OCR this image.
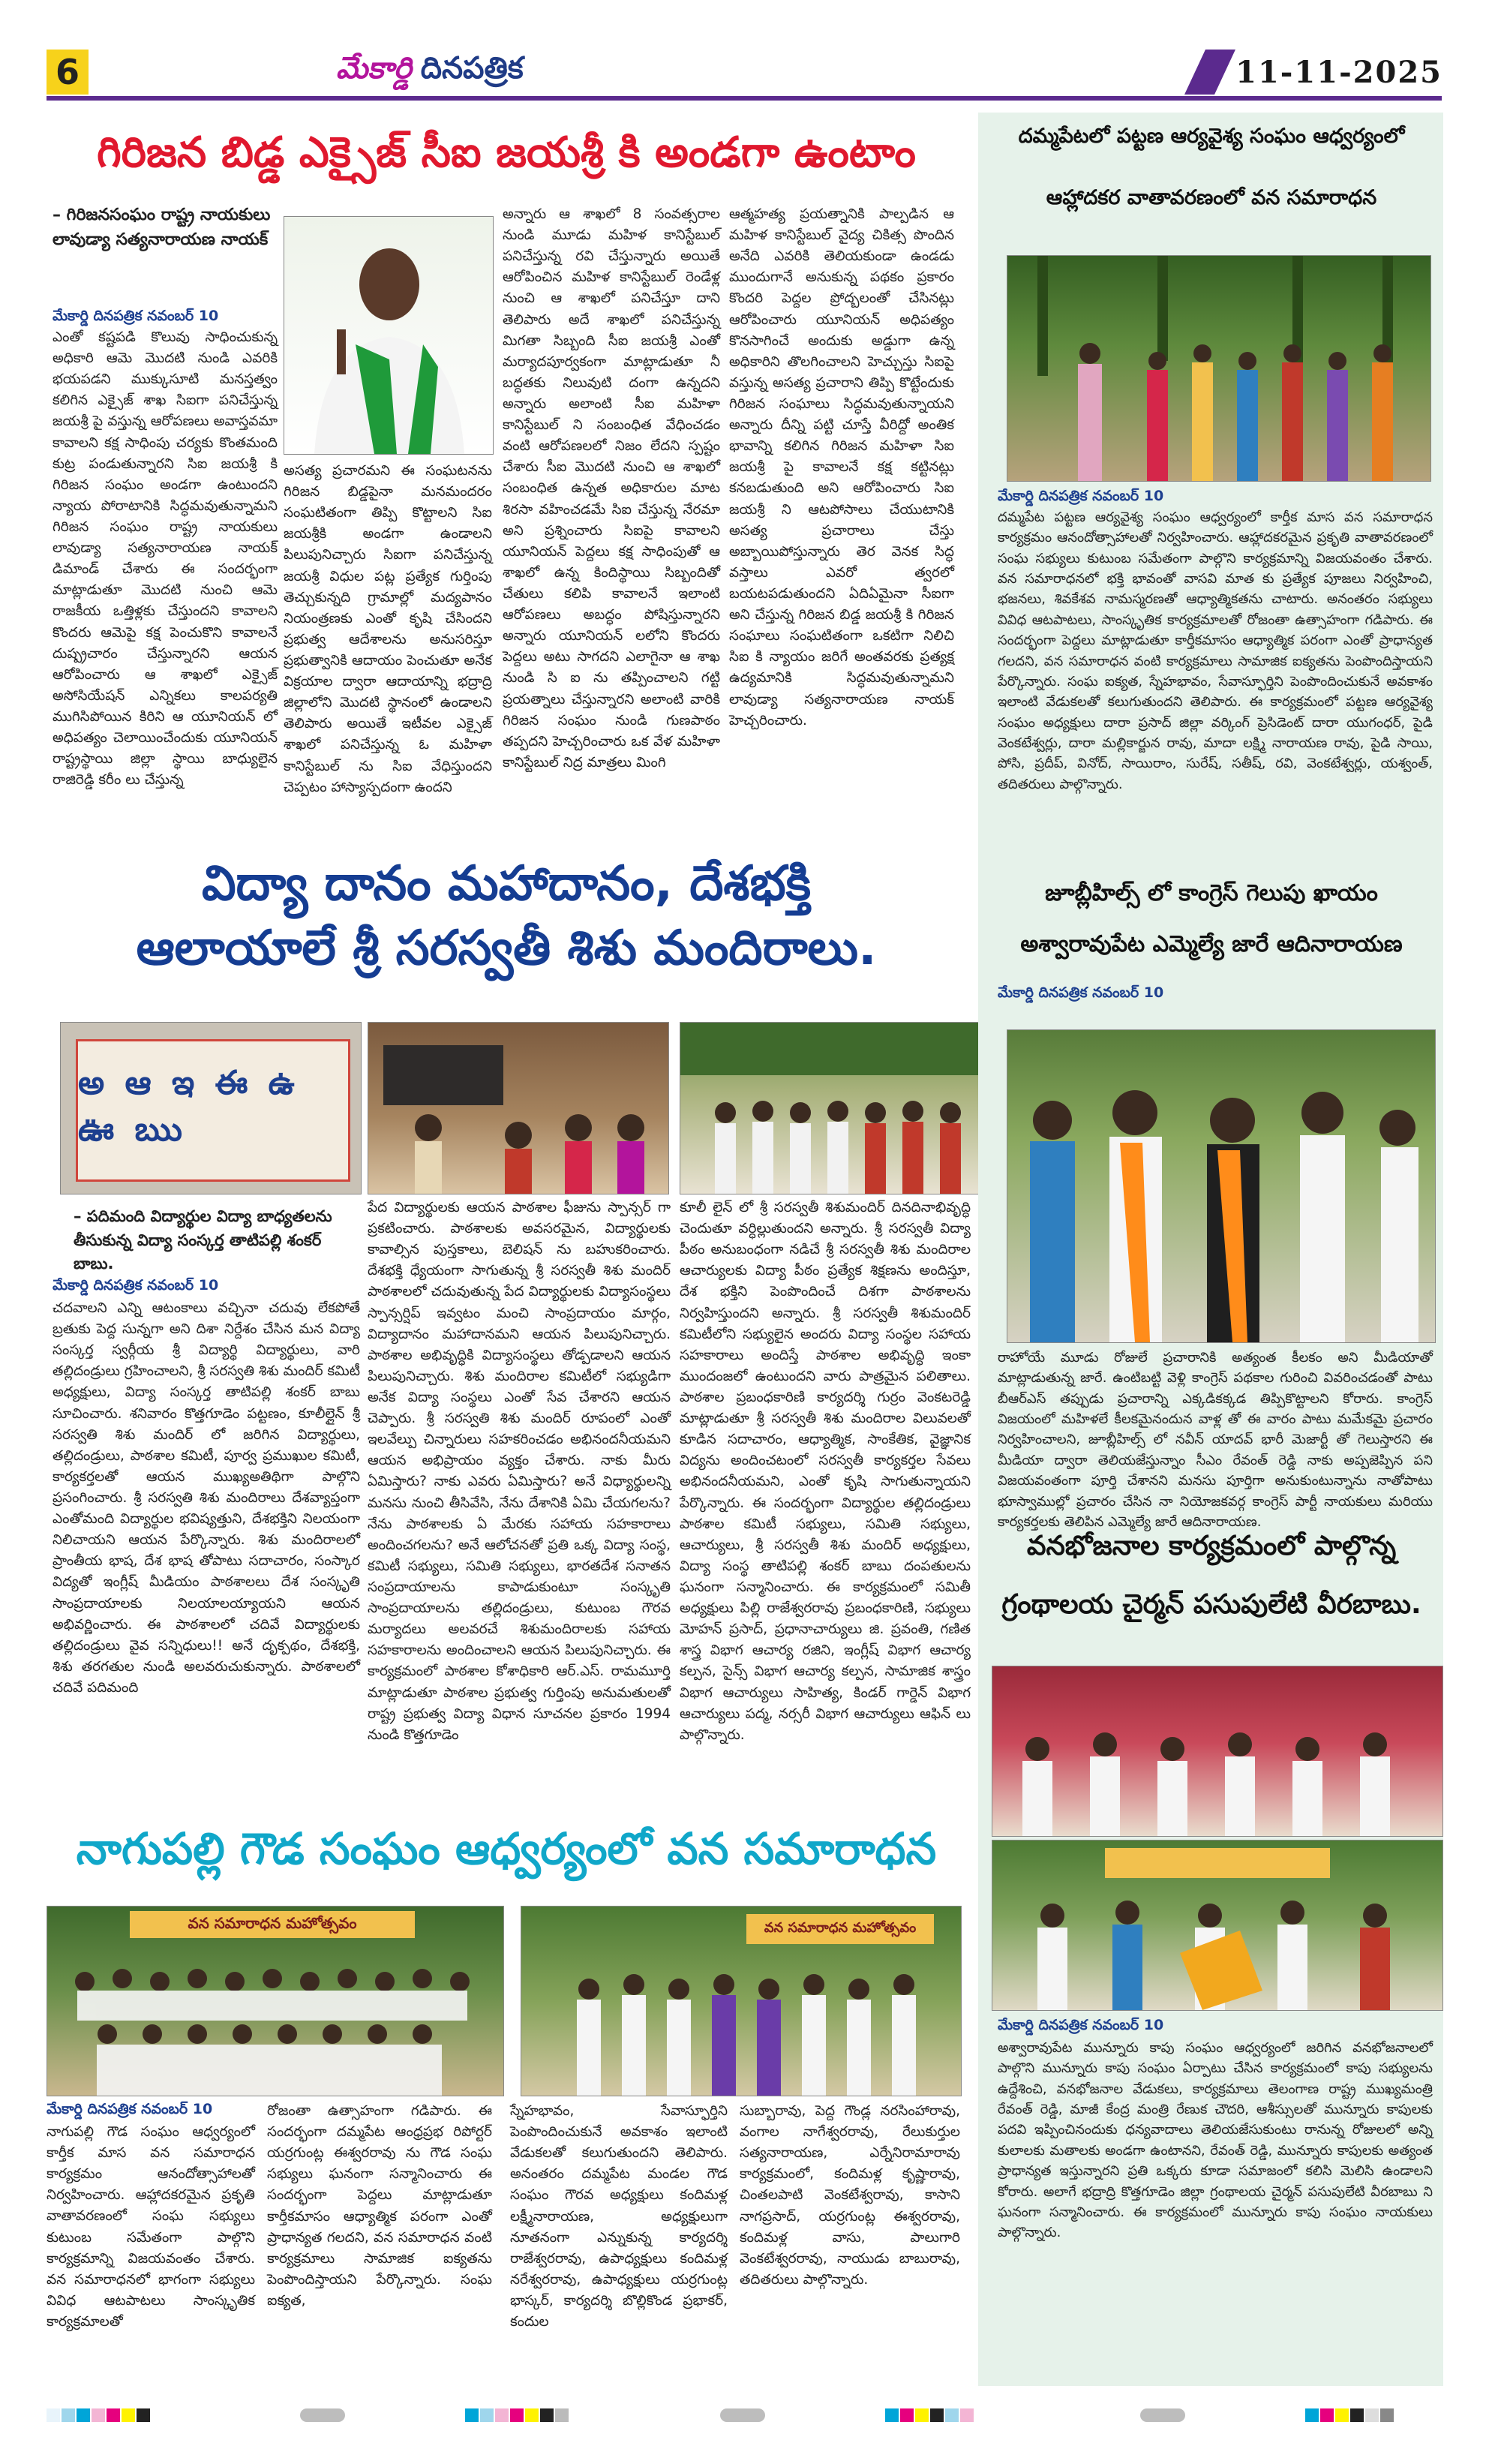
6	మేకార్డి దినపత్రిక	11-11-2025
గిరిజన బిడ్డ ఎక్సైజ్ సీఐ జయశ్రీ కి అండగా ఉంటాం
– గిరిజనసంఘం రాష్ట్ర నాయకులు లావుడ్యా సత్యనారాయణ నాయక్
మేకార్డి దినపత్రిక నవంబర్ 10
ఎంతో కష్టపడి కొలువు సాధించుకున్న అధికారి ఆమె మొదటి నుండి ఎవరికి భయపడని ముక్కుసూటి మనస్తత్వం కలిగిన ఎక్సైజ్ శాఖ సిఐగా పనిచేస్తున్న జయశ్రీ పై వస్తున్న ఆరోపణలు అవాస్తవమా కావాలని కక్ష సాధింపు చర్యకు కొంతమంది కుట్ర పండుతున్నారని సిఐ జయశ్రీ కి గిరిజన సంఘం అండగా ఉంటుందని న్యాయ పోరాటానికి సిద్ధమవుతున్నామని గిరిజన సంఘం రాష్ట్ర నాయకులు లావుడ్యా సత్యనారాయణ నాయక్ డిమాండ్ చేశారు ఈ సందర్భంగా మాట్లాడుతూ మొదటి నుంచి ఆమె రాజకీయ ఒత్తిళ్లకు చేస్తుందని కావాలని కొందరు ఆమెపై కక్ష పెంచుకొని కావాలనే దుష్ప్రచారం చేస్తున్నారని ఆయన ఆరోపించారు ఆ శాఖలో ఎక్సైజ్ అసోసియేషన్ ఎన్నికలు కాలపర్యతి ముగిసిపోయిన కిరిని ఆ యూనియన్ లో అధిపత్యం చెలాయించేందుకు యూనియన్ రాష్ట్రస్థాయి జిల్లా స్థాయి బాధ్యులైన రాజిరెడ్డి కరీం లు చేస్తున్న
అసత్య ప్రచారమని ఈ సంఘటనను గిరిజన బిడ్డపైనా మనమందరం సంఘటితంగా తిప్పి కొట్టాలని సిఐ జయశ్రీకి అండగా ఉండాలని పిలుపునిచ్చారు సిఐగా పనిచేస్తున్న జయశ్రీ విధుల పట్ల ప్రత్యేక గుర్తింపు తెచ్చుకున్నది గ్రామాల్లో మద్యపానం నియంత్రణకు ఎంతో కృషి చేసిందని ప్రభుత్వ ఆదేశాలను అనుసరిస్తూ ప్రభుత్వానికి ఆదాయం పెంచుతూ అనేక విక్రయాల ద్వారా ఆదాయాన్ని భద్రాద్రి జిల్లాలోని మొదటి స్థానంలో ఉండాలని తెలిపారు అయితే ఇటీవల ఎక్సైజ్ శాఖలో పనిచేస్తున్న ఓ మహిళా కానిస్టేబుల్ ను సిఐ వేధిస్తుందని చెప్పటం హాస్యాస్పదంగా ఉందని
అన్నారు ఆ శాఖలో 8 సంవత్సరాల నుండి మూడు మహిళ కానిస్టేబుల్ పనిచేస్తున్న రవి చేస్తున్నారు అయితే ఆరోపించిన మహిళ కానిస్టేబుల్ రెండేళ్ల నుంచి ఆ శాఖలో పనిచేస్తూ దాని తెలిపారు అదే శాఖలో పనిచేస్తున్న మిగతా సిబ్బంది సీఐ జయశ్రీ ఎంతో మర్యాదపూర్వకంగా మాట్లాడుతూ నీ బద్ధతకు నిలువుటి దంగా ఉన్నదని అన్నారు అలాంటి సీఐ మహిళా కానిస్టేబుల్ ని సంబంధిత వేధించడం వంటి ఆరోపణలలో నిజం లేదని స్పష్టం చేశారు సీఐ మొదటి నుంచి ఆ శాఖలో సంబంధిత ఉన్నత అధికారుల మాట శిరసా వహించడమే సిఐ చేస్తున్న నేరమా అని ప్రశ్నించారు సిఐపై కావాలని యూనియన్ పెద్దలు కక్ష సాధింపుతో ఆ శాఖలో ఉన్న కిందిస్థాయి సిబ్బందితో చేతులు కలిపి కావాలనే ఇలాంటి ఆరోపణలు అబద్ధం పోషిస్తున్నారని అన్నారు యూనియన్ లలోని కొందరు పెద్దలు అటు సాగదని ఎలాగైనా ఆ శాఖ నుండి సి ఐ ను తప్పించాలని గట్టి ప్రయత్నాలు చేస్తున్నారని అలాంటి వారికి గిరిజన సంఘం నుండి గుణపాఠం తప్పదని హెచ్చరించారు ఒక వేళ మహిళా కానిస్టేబుల్ నిద్ర మాత్రలు మింగి
ఆత్మహత్య ప్రయత్నానికి పాల్పడిన ఆ మహిళ కానిస్టేబుల్ వైద్య చికిత్స పొందిన అనేది ఎవరికి తెలియకుండా ఉండడు ముందుగానే అనుకున్న పథకం ప్రకారం కొందరి పెద్దల ప్రోద్బలంతో చేసినట్లు ఆరోపించారు యూనియన్ అధిపత్యం కొనసాగించే అందుకు అడ్డుగా ఉన్న అధికారిని తొలగించాలని హెచ్చుస్తు సిఐపై వస్తున్న అసత్య ప్రచారాని తిప్పి కొట్టేందుకు గిరిజన సంఘాలు సిద్ధమవుతున్నాయని అన్నారు దీన్ని పట్టి చూస్తే వీరిద్దో అంతిక భావాన్ని కలిగిన గిరిజన మహిళా సిఐ జయశ్రీ పై కావాలనే కక్ష కట్టినట్లు కనబడుతుంది అని ఆరోపించారు సిఐ జయశ్రీ ని ఆటపోసాలు చేయుటానికి అసత్య ప్రచారాలు చేస్తు అబ్బాయిపోస్తున్నారు తెర వెనక సిద్ధ వస్తాలు ఎవరో త్వరలో బయటపడుతుందని ఏదిఏమైనా సీఐగా అని చేస్తున్న గిరిజన బిడ్డ జయశ్రీ కి గిరిజన సంఘాలు సంఘటితంగా ఒకటిగా నిలిచి సిఐ కి న్యాయం జరిగే అంతవరకు ప్రత్యక్ష ఉద్యమానికి సిద్ధమవుతున్నామని లావుడ్యా సత్యనారాయణ నాయక్ హెచ్చరించారు.
విద్యా దానం మహాదానం, దేశభక్తి
ఆలాయాలే శ్రీ సరస్వతీ శిశు మందిరాలు.
అ ఆ ఇ ఈ ఉ ఊ ఋ
– పదిమంది విద్యార్థుల విద్యా బాధ్యతలను తీసుకున్న విద్యా సంస్కర్త తాటిపల్లి శంకర్ బాబు.
మేకార్డి దినపత్రిక నవంబర్ 10
చదవాలని ఎన్ని ఆటంకాలు వచ్చినా చదువు లేకపోతే బ్రతుకు పెద్ద సున్నగా అని దిశా నిర్దేశం చేసిన మన విద్యా సంస్కర్త స్వర్గీయ శ్రీ విద్యార్థి విద్యార్థులు, వారి తల్లిదండ్రులు గ్రహించాలని, శ్రీ సరస్వతి శిశు మందిర్ కమిటీ అధ్యక్షులు, విద్యా సంస్కర్త తాటిపల్లి శంకర్ బాబు సూచించారు. శనివారం కొత్తగూడెం పట్టణం, కూలీల్లైన్ శ్రీ సరస్వతి శిశు మందిర్ లో జరిగిన విద్యార్థులు, తల్లిదండ్రులు, పాఠశాల కమిటీ, పూర్వ ప్రముఖుల కమిటీ, కార్యకర్తలతో ఆయన ముఖ్యఅతిథిగా పాల్గొని ప్రసంగించారు. శ్రీ సరస్వతి శిశు మందిరాలు దేశవ్యాప్తంగా ఎంతోమంది విద్యార్థుల భవిష్యత్తుని, దేశభక్తిని నిలయంగా నిలిచాయని ఆయన పేర్కొన్నారు. శిశు మందిరాలలో ప్రాంతీయ భాష, దేశ భాష తోపాటు సదాచారం, సంస్కార విద్యతో ఇంగ్లీష్ మీడియం పాఠశాలలు దేశ సంస్కృతి సాంప్రదాయాలకు నిలయాలయ్యాయని ఆయన అభివర్ణించారు. ఈ పాఠశాలలో చదివే విద్యార్థులకు తల్లిదండ్రులు వైవ సన్నిధులు!! అనే దృక్పథం, దేశభక్తి, శిశు తరగతుల నుండి అలవరుచుకున్నారు. పాఠశాలలో చదివే పదిమంది
పేద విద్యార్థులకు ఆయన పాఠశాల ఫీజును స్పాన్సర్ గా ప్రకటించారు. పాఠశాలకు అవసరమైన, విద్యార్థులకు కావాల్సిన పుస్తకాలు, బెలిషన్ ను బహుకరించారు. దేశభక్తి ధ్యేయంగా సాగుతున్న శ్రీ సరస్వతీ శిశు మందిర్ పాఠశాలలో చదువుతున్న పేద విద్యార్థులకు విద్యాసంస్థలు స్పాన్సర్షిప్ ఇవ్వటం మంచి సాంప్రదాయం మార్గం, విద్యాదానం మహాదానమని ఆయన పిలుపునిచ్చారు. పాఠశాల అభివృద్ధికి విద్యాసంస్థలు తోడ్పడాలని ఆయన పిలుపునిచ్చారు. శిశు మందిరాల కమిటీలో సభ్యుడిగా అనేక విద్యా సంస్థలు ఎంతో సేవ చేశారని ఆయన చెప్పారు. శ్రీ సరస్వతి శిశు మందిర్ రూపంలో ఎంతో ఇలవేల్పు చిన్నారులు సహకరించడం అభినందనీయమని ఆయన అభిప్రాయం వ్యక్తం చేశారు. నాకు మీరు ఏమిస్తారు? నాకు ఎవరు ఏమిస్తారు? అనే విధ్యార్థులన్ని మనసు నుంచి తీసివేసి, నేను దేశానికి ఏమి చేయగలను? నేను పాఠశాలకు ఏ మేరకు సహాయ సహకారాలు అందించగలను? అనే ఆలోచనతో ప్రతి ఒక్క విద్యా సంస్థ, కమిటీ సభ్యులు, సమితి సభ్యులు, భారతదేశ సనాతన సంప్రదాయాలను కాపాడుకుంటూ సంస్కృతి సాంప్రదాయాలను తల్లిదండ్రులు, కుటుంబ గౌరవ మర్యాదలు అలవరచే శిశుమందిరాలకు సహాయ సహకారాలను అందించాలని ఆయన పిలుపునిచ్చారు. ఈ కార్యక్రమంలో పాఠశాల కోశాధికారి ఆర్.ఎస్. రామమూర్తి మాట్లాడుతూ పాఠశాల ప్రభుత్వ గుర్తింపు అనుమతులతో రాష్ట్ర ప్రభుత్వ విద్యా విధాన సూచనల ప్రకారం 1994 నుండి కొత్తగూడెం
కూలీ లైన్ లో శ్రీ సరస్వతీ శిశుమందిర్ దినదినాభివృద్ధి చెందుతూ వర్ధిల్లుతుందని అన్నారు. శ్రీ సరస్వతీ విద్యా పీఠం అనుబంధంగా నడిచే శ్రీ సరస్వతీ శిశు మందిరాల ఆచార్యులకు విద్యా పీఠం ప్రత్యేక శిక్షణను అందిస్తూ, దేశ భక్తిని పెంపొందించే దిశగా పాఠశాలను నిర్వహిస్తుందని అన్నారు. శ్రీ సరస్వతీ శిశుమందిర్ కమిటీలోని సభ్యులైన అందరు విద్యా సంస్థల సహాయ సహకారాలు అందిస్తే పాఠశాల అభివృద్ధి ఇంకా ముందంజలో ఉంటుందని వారు పాత్రమైన పలితాలు. పాఠశాల ప్రబంధకారిణి కార్యదర్శి గుర్రం వెంకటరెడ్డి మాట్లాడుతూ శ్రీ సరస్వతీ శిశు మందిరాల విలువలతో కూడిన సదాచారం, ఆధ్యాత్మిక, సాంకేతిక, వైజ్ఞానిక విద్యను అందించటంలో సరస్వతీ కార్యకర్తల సేవలు అభినందనీయమని, ఎంతో కృషి సాగుతున్నాయని పేర్కొన్నారు. ఈ సందర్భంగా విద్యార్థుల తల్లిదండ్రులు పాఠశాల కమిటీ సభ్యులు, సమితి సభ్యులు, ఆచార్యులు, శ్రీ సరస్వతీ శిశు మందిర్ అధ్యక్షులు, విద్యా సంస్థ తాటిపల్లి శంకర్ బాబు దంపతులను ఘనంగా సన్మానించారు. ఈ కార్యక్రమంలో సమితీ అధ్యక్షులు పిల్లి రాజేశ్వరరావు ప్రబంధకారిణి, సభ్యులు మోహన్ ప్రసాద్, ప్రధానాచార్యులు జి. ప్రవంతి, గణిత శాస్త్ర విభాగ ఆచార్య రజిని, ఇంగ్లీష్ విభాగ ఆచార్య కల్పన, సైన్స్ విభాగ ఆచార్య కల్పన, సామాజిక శాస్త్రం విభాగ ఆచార్యులు సాహిత్య, కిండర్ గార్డెన్ విభాగ ఆచార్యులు పద్మ, నర్సరీ విభాగ ఆచార్యులు ఆఫిన్ లు పాల్గొన్నారు.
నాగుపల్లి గౌడ సంఘం ఆధ్వర్యంలో వన సమారాధన
వన సమారాధన మహోత్సవం	వన సమారాధన మహోత్సవం
మేకార్డి దినపత్రిక నవంబర్ 10
నాగుపల్లి గౌడ సంఘం ఆధ్వర్యంలో కార్తీక మాస వన సమారాధన కార్యక్రమం ఆనందోత్సాహాలతో నిర్వహించారు. ఆహ్లాదకరమైన ప్రకృతి వాతావరణంలో సంఘ సభ్యులు కుటుంబ సమేతంగా పాల్గొని కార్యక్రమాన్ని విజయవంతం చేశారు. వన సమారాధనలో భాగంగా సభ్యులు వివిధ ఆటపాటలు సాంస్కృతిక కార్యక్రమాలతో
రోజంతా ఉత్సాహంగా గడిపారు. ఈ సందర్భంగా దమ్మపేట ఆంధ్రప్రభ రిపోర్టర్ యర్రగుంట్ల ఈశ్వరరావు ను గౌడ సంఘ సభ్యులు ఘనంగా సన్మానించారు ఈ సందర్భంగా పెద్దలు మాట్లాడుతూ కార్తీకమాసం ఆధ్యాత్మిక పరంగా ఎంతో ప్రాధాన్యత గలదని, వన సమారాధన వంటి కార్యక్రమాలు సామాజిక ఐక్యతను పెంపొందిస్తాయని పేర్కొన్నారు. సంఘ ఐక్యత,
స్నేహభావం, సేవాస్ఫూర్తిని పెంపొందించుకునే అవకాశం ఇలాంటి వేడుకలతో కలుగుతుందని తెలిపారు. అనంతరం దమ్మపేట మండల గౌడ సంఘం గౌరవ అధ్యక్షులు కందిమళ్ల లక్ష్మీనారాయణ, అధ్యక్షులుగా నూతనంగా ఎన్నుకున్న కార్యదర్శి రాజేశ్వరరావు, ఉపాధ్యక్షులు కందిమళ్ల నరేశ్వరరావు, ఉపాధ్యక్షులు యర్రగుంట్ల భాస్కర్, కార్యదర్శి బొల్లికొండ ప్రభాకర్, కందుల
సుబ్బారావు, పెద్ద గౌండ్ల నరసింహారావు, వంగాల నాగేశ్వరరావు, రేలుకుర్తుల సత్యనారాయణ, ఎర్నేనిరామారావు కార్యక్రమంలో, కందిమళ్ల కృష్ణారావు, చింతలపాటి వెంకటేశ్వరావు, కాసాని నాగప్రసాద్, యర్రగుంట్ల ఈశ్వరరావు, కందిమళ్ల వాసు, పాలుగారి వెంకటేశ్వరరావు, నాయుడు బాబురావు, తదితరులు పాల్గొన్నారు.
దమ్మపేటలో పట్టణ ఆర్యవైశ్య సంఘం ఆధ్వర్యంలో
ఆహ్లాదకర వాతావరణంలో వన సమారాధన
మేకార్డి దినపత్రిక నవంబర్ 10
దమ్మపేట పట్టణ ఆర్యవైశ్య సంఘం ఆధ్వర్యంలో కార్తీక మాస వన సమారాధన కార్యక్రమం ఆనందోత్సాహాలతో నిర్వహించారు. ఆహ్లాదకరమైన ప్రకృతి వాతావరణంలో సంఘ సభ్యులు కుటుంబ సమేతంగా పాల్గొని కార్యక్రమాన్ని విజయవంతం చేశారు. వన సమారాధనలో భక్తి భావంతో వాసవి మాత కు ప్రత్యేక పూజలు నిర్వహించి, భజనలు, శివకేశవ నామస్మరణతో ఆధ్యాత్మికతను చాటారు. అనంతరం సభ్యులు వివిధ ఆటపాటలు, సాంస్కృతిక కార్యక్రమాలతో రోజంతా ఉత్సాహంగా గడిపారు. ఈ సందర్భంగా పెద్దలు మాట్లాడుతూ కార్తీకమాసం ఆధ్యాత్మిక పరంగా ఎంతో ప్రాధాన్యత గలదని, వన సమారాధన వంటి కార్యక్రమాలు సామాజిక ఐక్యతను పెంపొందిస్తాయని పేర్కొన్నారు. సంఘ ఐక్యత, స్నేహభావం, సేవాస్ఫూర్తిని పెంపొందించుకునే అవకాశం ఇలాంటి వేడుకలతో కలుగుతుందని తెలిపారు. ఈ కార్యక్రమంలో పట్టణ ఆర్యవైశ్య సంఘం అధ్యక్షులు దారా ప్రసాద్ జిల్లా వర్కింగ్ ప్రెసిడెంట్ దారా యుగంధర్, పైడి వెంకటేశ్వర్లు, దారా మల్లికార్జున రావు, మాదా లక్ష్మి నారాయణ రావు, పైడి సాయి, పోసి, ప్రదీప్, వినోద్, సాయిరాం, సురేష్, సతీష్, రవి, వెంకటేశ్వర్లు, యశ్వంత్, తదితరులు పాల్గొన్నారు.
జూబ్లీహిల్స్ లో కాంగ్రెస్ గెలుపు ఖాయం
అశ్వారావుపేట ఎమ్మెల్యే జారే ఆదినారాయణ
మేకార్డి దినపత్రిక నవంబర్ 10
రాహోయే మూడు రోజులే ప్రచారానికి అత్యంత కీలకం అని మీడియాతో మాట్లాడుతున్న జారే. ఉంటిబట్టి వెళ్లి కాంగ్రెస్ పథకాల గురించి వివరించడంతో పాటు బీఆర్ఎస్ తప్పుడు ప్రచారాన్ని ఎక్కడికక్కడ తిప్పికొట్టాలని కోరారు. కాంగ్రెస్ విజయంలో మహిళలే కీలకమైనందున వాళ్ల తో ఈ వారం పాటు మమేకమై ప్రచారం నిర్వహించాలని, జూబ్లీహిల్స్ లో నవీన్ యాదవ్ భారీ మెజార్టీ తో గెలుస్తారని ఈ మీడియా ద్వారా తెలియజేస్తున్నాం సీఎం రేవంత్ రెడ్డి నాకు అప్పజెప్పిన పని విజయవంతంగా పూర్తి చేశానని మనసు పూర్తిగా అనుకుంటున్నాను నాతోపాటు భూస్వాముల్లో ప్రచారం చేసిన నా నియోజకవర్గ కాంగ్రెస్ పార్టీ నాయకులు మరియు కార్యకర్తలకు తెలిపిన ఎమ్మెల్యే జారే ఆదినారాయణ.
వనభోజనాల కార్యక్రమంలో పాల్గొన్న
గ్రంథాలయ చైర్మన్ పసుపులేటి వీరబాబు.
మేకార్డి దినపత్రిక నవంబర్ 10
అశ్వారావుపేట మున్నూరు కాపు సంఘం ఆధ్వర్యంలో జరిగిన వనభోజనాలలో పాల్గొని మున్నూరు కాపు సంఘం ఏర్పాటు చేసిన కార్యక్రమంలో కాపు సభ్యులను ఉద్దేశించి, వనభోజనాల వేడుకలు, కార్యక్రమాలు తెలంగాణ రాష్ట్ర ముఖ్యమంత్రి రేవంత్ రెడ్డి, మాజీ కేంద్ర మంత్రి రేణుక చౌదరి, ఆశీస్సులతో మున్నూరు కాపులకు పదవి ఇప్పించినందుకు ధన్యవాదాలు తెలియజేసుకుంటు రానున్న రోజులలో అన్ని కులాలకు మతాలకు అండగా ఉంటానని, రేవంత్ రెడ్డి, మున్నూరు కాపులకు అత్యంత ప్రాధాన్యత ఇస్తున్నారని ప్రతి ఒక్కరు కూడా సమాజంలో కలిసి మెలిసి ఉండాలని కోరారు. అలాగే భద్రాద్రి కొత్తగూడెం జిల్లా గ్రంథాలయ చైర్మన్ పసుపులేటి వీరబాబు ని ఘనంగా సన్మానించారు. ఈ కార్యక్రమంలో మున్నూరు కాపు సంఘం నాయకులు పాల్గొన్నారు.
